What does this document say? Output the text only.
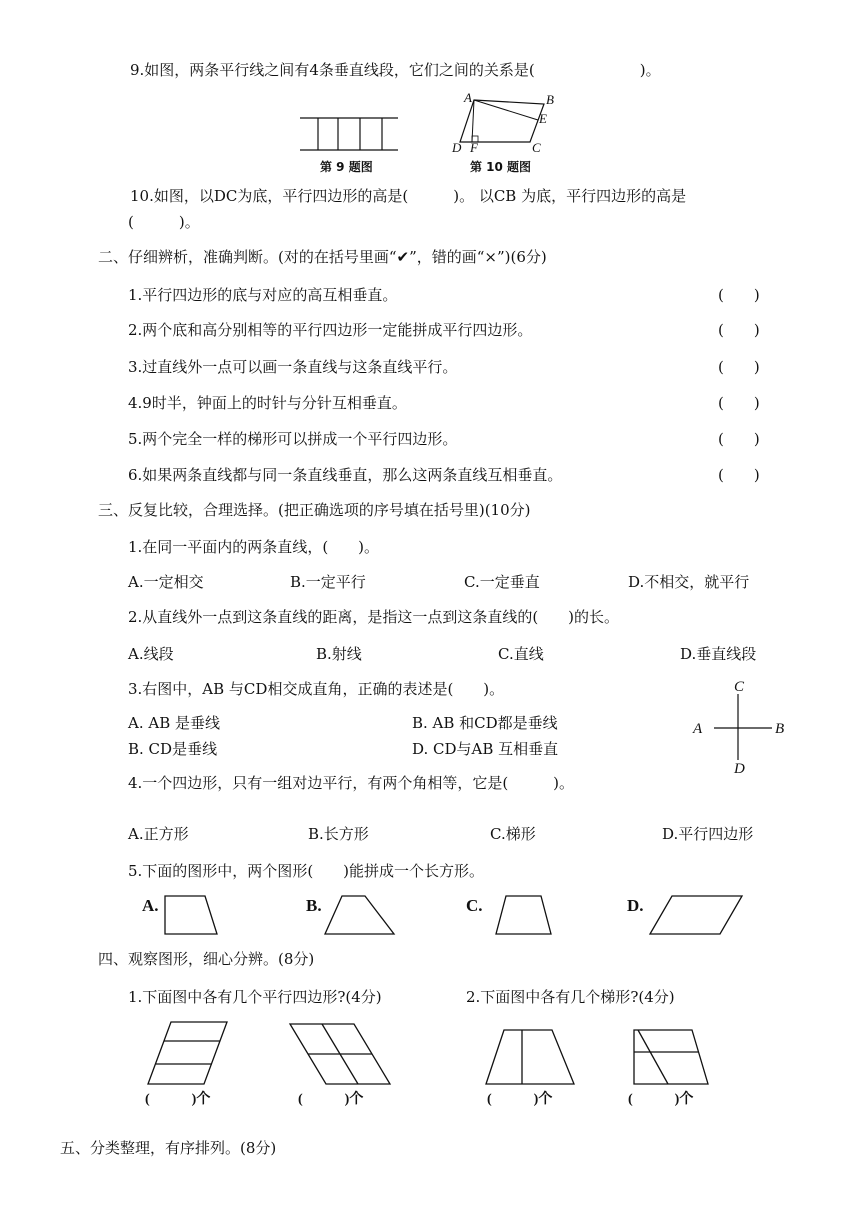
9.如图，两条平行线之间有4条垂直线段，它们之间的关系是(　　　　　　　)。
第 9 题图
A	B
C
D
E
F
第 10 题图
10.如图，以DC为底，平行四边形的高是(　　　)。 以CB 为底，平行四边形的高是
(　　　)。
二、仔细辨析，准确判断。(对的在括号里画“✔”，错的画“×”)(6分)
1.平行四边形的底与对应的高互相垂直。	(　　)
2.两个底和高分别相等的平行四边形一定能拼成平行四边形。	(　　)
3.过直线外一点可以画一条直线与这条直线平行。	(　　)
4.9时半，钟面上的时针与分针互相垂直。	(　　)
5.两个完全一样的梯形可以拼成一个平行四边形。	(　　)
6.如果两条直线都与同一条直线垂直，那么这两条直线互相垂直。	(　　)
三、反复比较，合理选择。(把正确选项的序号填在括号里)(10分)
1.在同一平面内的两条直线，(　　)。
A.一定相交	B.一定平行	C.一定垂直	D.不相交，就平行
2.从直线外一点到这条直线的距离，是指这一点到这条直线的(　　)的长。
A.线段	B.射线	C.直线	D.垂直线段
3.右图中，AB 与CD相交成直角，正确的表述是(　　)。
A. AB 是垂线	B. AB 和CD都是垂线
B. CD是垂线	D. CD与AB 互相垂直
C
A	B
D
4.一个四边形，只有一组对边平行，有两个角相等，它是(　　　)。
A.正方形	B.长方形	C.梯形	D.平行四边形
5.下面的图形中，两个图形(　　)能拼成一个长方形。
A.	B.	C.	D.
四、观察图形，细心分辨。(8分)
1.下面图中各有几个平行四边形?(4分)	2.下面图中各有几个梯形?(4分)
(　　　)个	(　　　)个	(　　　)个	(　　　)个
五、分类整理，有序排列。(8分)
